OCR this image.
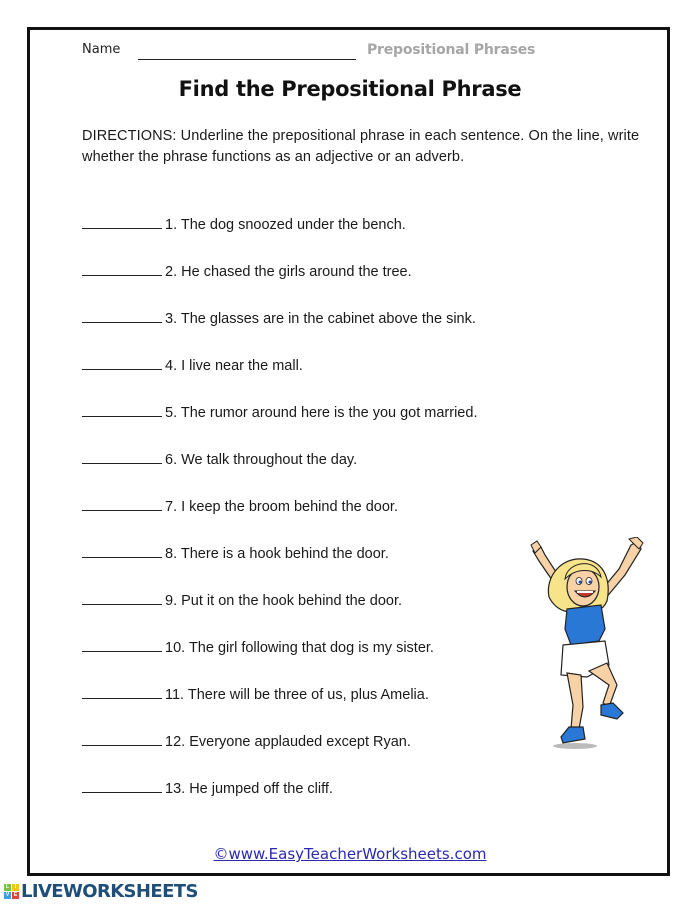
Name	Prepositional Phrases
Find the Prepositional Phrase
DIRECTIONS: Underline the prepositional phrase in each sentence. On the line, write whether the phrase functions as an adjective or an adverb.
1. The dog snoozed under the bench.
2. He chased the girls around the tree.
3. The glasses are in the cabinet above the sink.
4. I live near the mall.
5. The rumor around here is the you got married.
6. We talk throughout the day.
7. I keep the broom behind the door.
8. There is a hook behind the door.
9. Put it on the hook behind the door.
10. The girl following that dog is my sister.
11. There will be three of us, plus Amelia.
12. Everyone applauded except Ryan.
13. He jumped off the cliff.
©www.EasyTeacherWorksheets.com
L	I
V E LIVEWORKSHEETS
